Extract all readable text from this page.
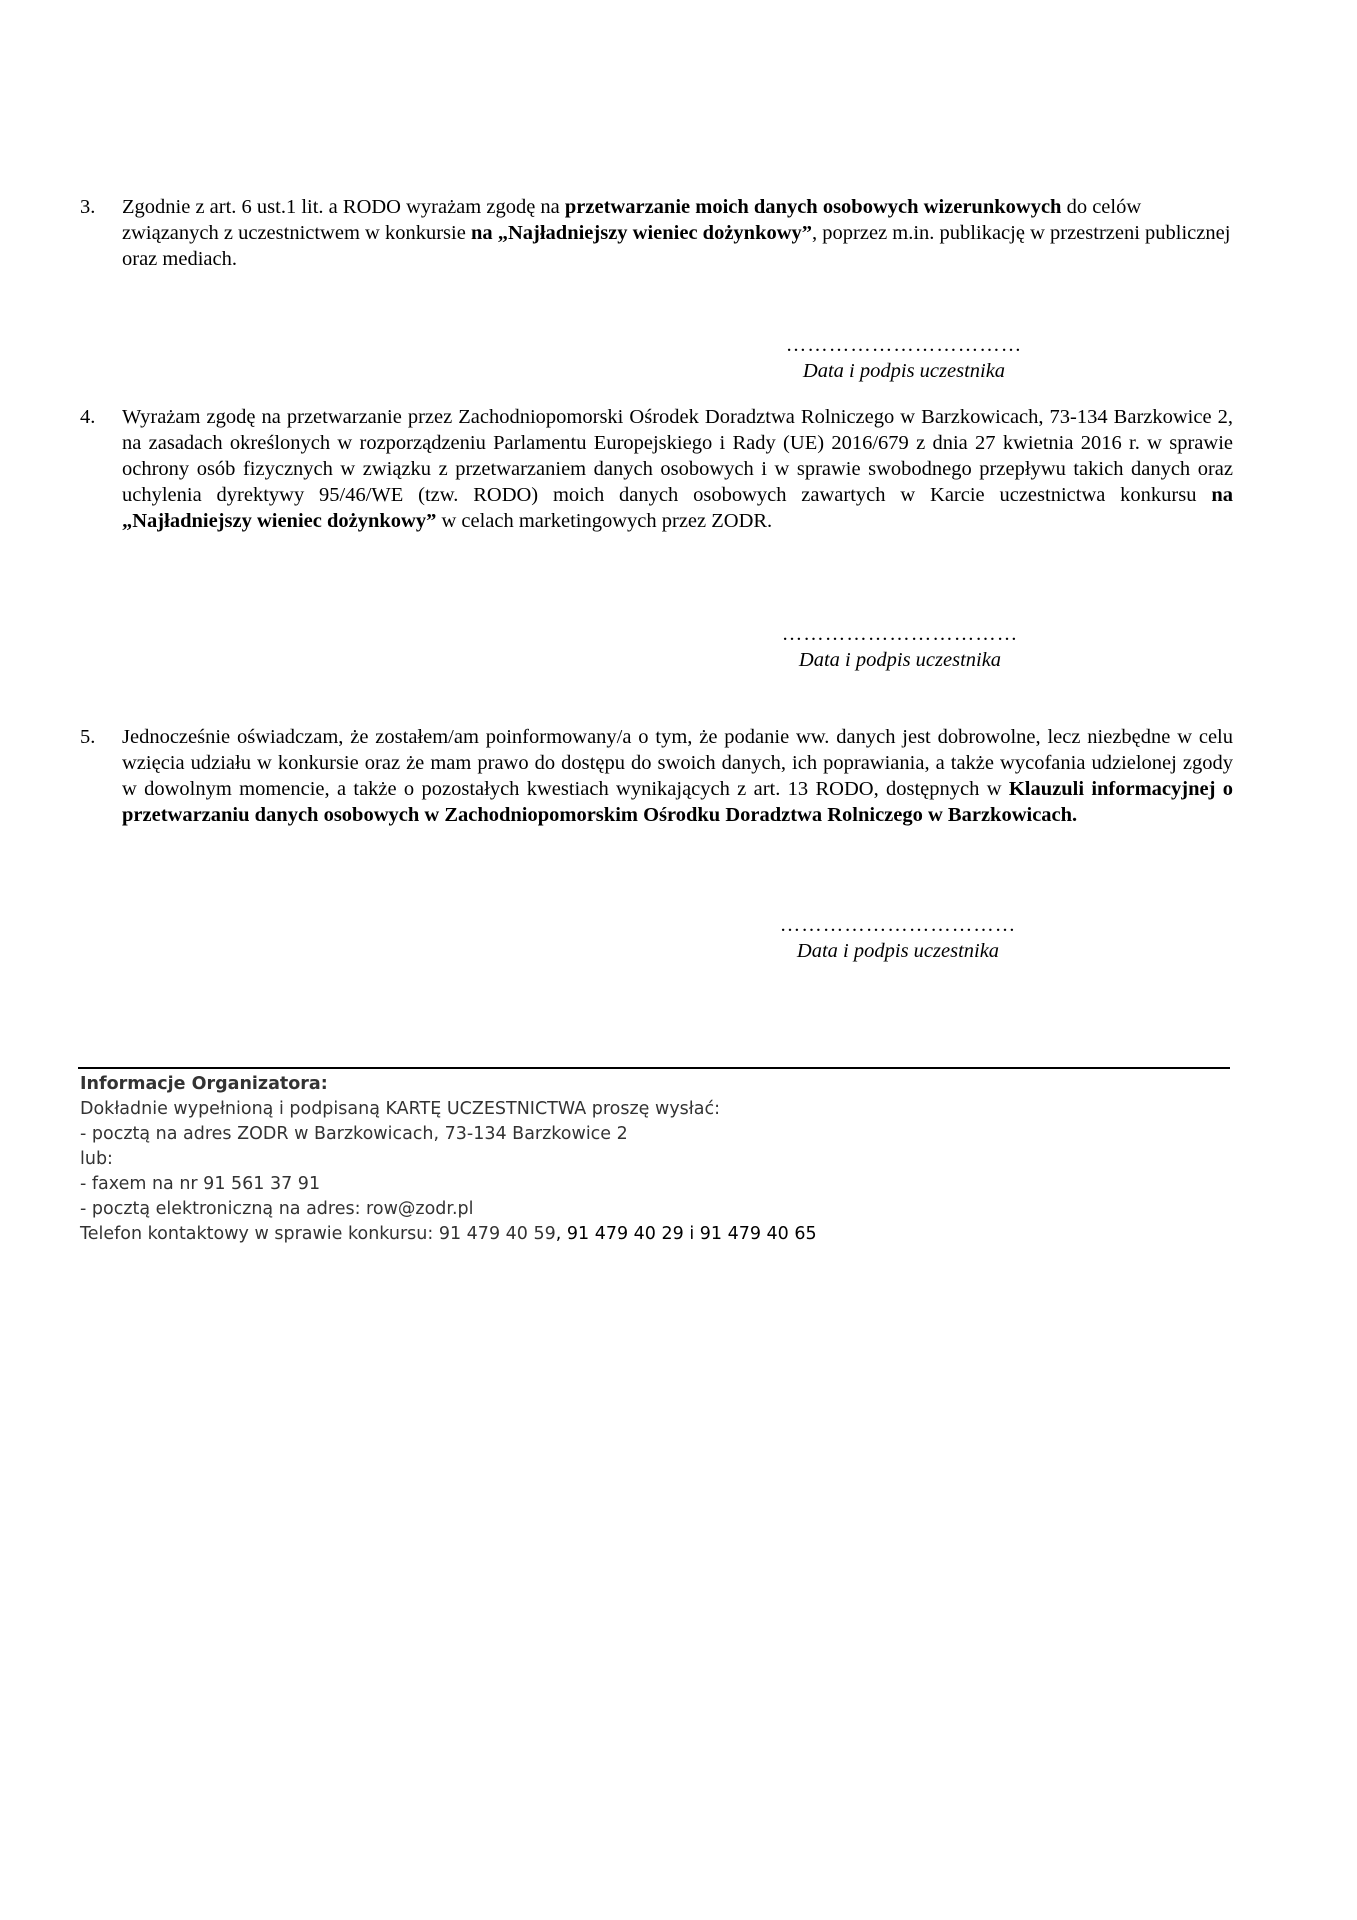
3. Zgodnie z art. 6 ust.1 lit. a RODO wyrażam zgodę na przetwarzanie moich danych osobowych wizerunkowych do celów związanych z uczestnictwem w konkursie na „Najładniejszy wieniec dożynkowy”, poprzez m.in. publikację w przestrzeni publicznej oraz mediach.
……………………………
Data i podpis uczestnika
4. Wyrażam zgodę na przetwarzanie przez Zachodniopomorski Ośrodek Doradztwa Rolniczego w Barzkowicach, 73-134 Barzkowice 2, na zasadach określonych w rozporządzeniu Parlamentu Europejskiego i Rady (UE) 2016/679 z dnia 27 kwietnia 2016 r. w sprawie ochrony osób fizycznych w związku z przetwarzaniem danych osobowych i w sprawie swobodnego przepływu takich danych oraz uchylenia dyrektywy 95/46/WE (tzw. RODO) moich danych osobowych zawartych w Karcie uczestnictwa konkursu na „Najładniejszy wieniec dożynkowy” w celach marketingowych przez ZODR.
……………………………
Data i podpis uczestnika
5. Jednocześnie oświadczam, że zostałem/am poinformowany/a o tym, że podanie ww. danych jest dobrowolne, lecz niezbędne w celu wzięcia udziału w konkursie oraz że mam prawo do dostępu do swoich danych, ich poprawiania, a także wycofania udzielonej zgody w dowolnym momencie, a także o pozostałych kwestiach wynikających z art. 13 RODO, dostępnych w Klauzuli informacyjnej o przetwarzaniu danych osobowych w Zachodniopomorskim Ośrodku Doradztwa Rolniczego w Barzkowicach.
……………………………
Data i podpis uczestnika
Informacje Organizatora:
Dokładnie wypełnioną i podpisaną KARTĘ UCZESTNICTWA proszę wysłać:
- pocztą na adres ZODR w Barzkowicach, 73-134 Barzkowice 2
lub:
- faxem na nr 91 561 37 91
- pocztą elektroniczną na adres: row@zodr.pl
Telefon kontaktowy w sprawie konkursu: 91 479 40 59, 91 479 40 29 i 91 479 40 65
